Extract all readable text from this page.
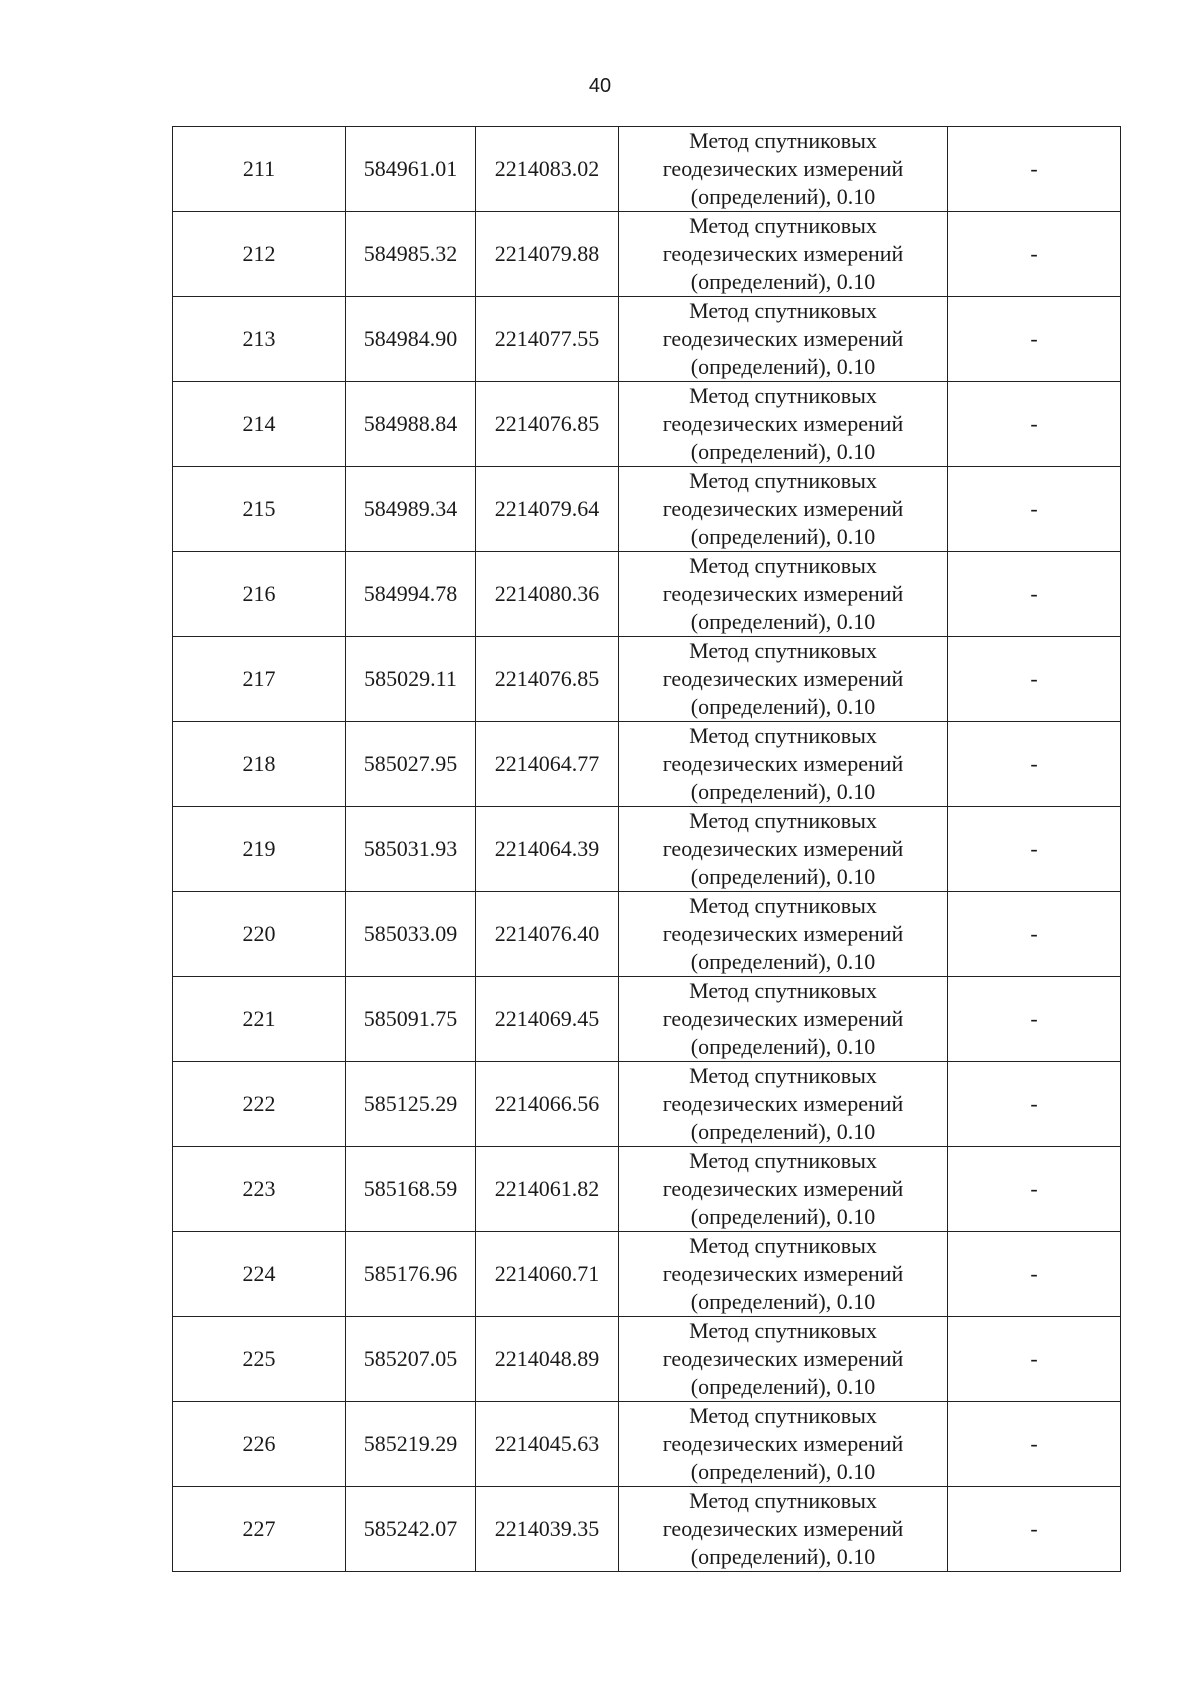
40
211	584961.01	2214083.02	Метод спутниковых
геодезических измерений
(определений), 0.10	-
212	584985.32	2214079.88	Метод спутниковых
геодезических измерений
(определений), 0.10	-
213	584984.90	2214077.55	Метод спутниковых
геодезических измерений
(определений), 0.10	-
214	584988.84	2214076.85	Метод спутниковых
геодезических измерений
(определений), 0.10	-
215	584989.34	2214079.64	Метод спутниковых
геодезических измерений
(определений), 0.10	-
216	584994.78	2214080.36	Метод спутниковых
геодезических измерений
(определений), 0.10	-
217	585029.11	2214076.85	Метод спутниковых
геодезических измерений
(определений), 0.10	-
218	585027.95	2214064.77	Метод спутниковых
геодезических измерений
(определений), 0.10	-
219	585031.93	2214064.39	Метод спутниковых
геодезических измерений
(определений), 0.10	-
220	585033.09	2214076.40	Метод спутниковых
геодезических измерений
(определений), 0.10	-
221	585091.75	2214069.45	Метод спутниковых
геодезических измерений
(определений), 0.10	-
222	585125.29	2214066.56	Метод спутниковых
геодезических измерений
(определений), 0.10	-
223	585168.59	2214061.82	Метод спутниковых
геодезических измерений
(определений), 0.10	-
224	585176.96	2214060.71	Метод спутниковых
геодезических измерений
(определений), 0.10	-
225	585207.05	2214048.89	Метод спутниковых
геодезических измерений
(определений), 0.10	-
226	585219.29	2214045.63	Метод спутниковых
геодезических измерений
(определений), 0.10	-
227	585242.07	2214039.35	Метод спутниковых
геодезических измерений
(определений), 0.10	-
